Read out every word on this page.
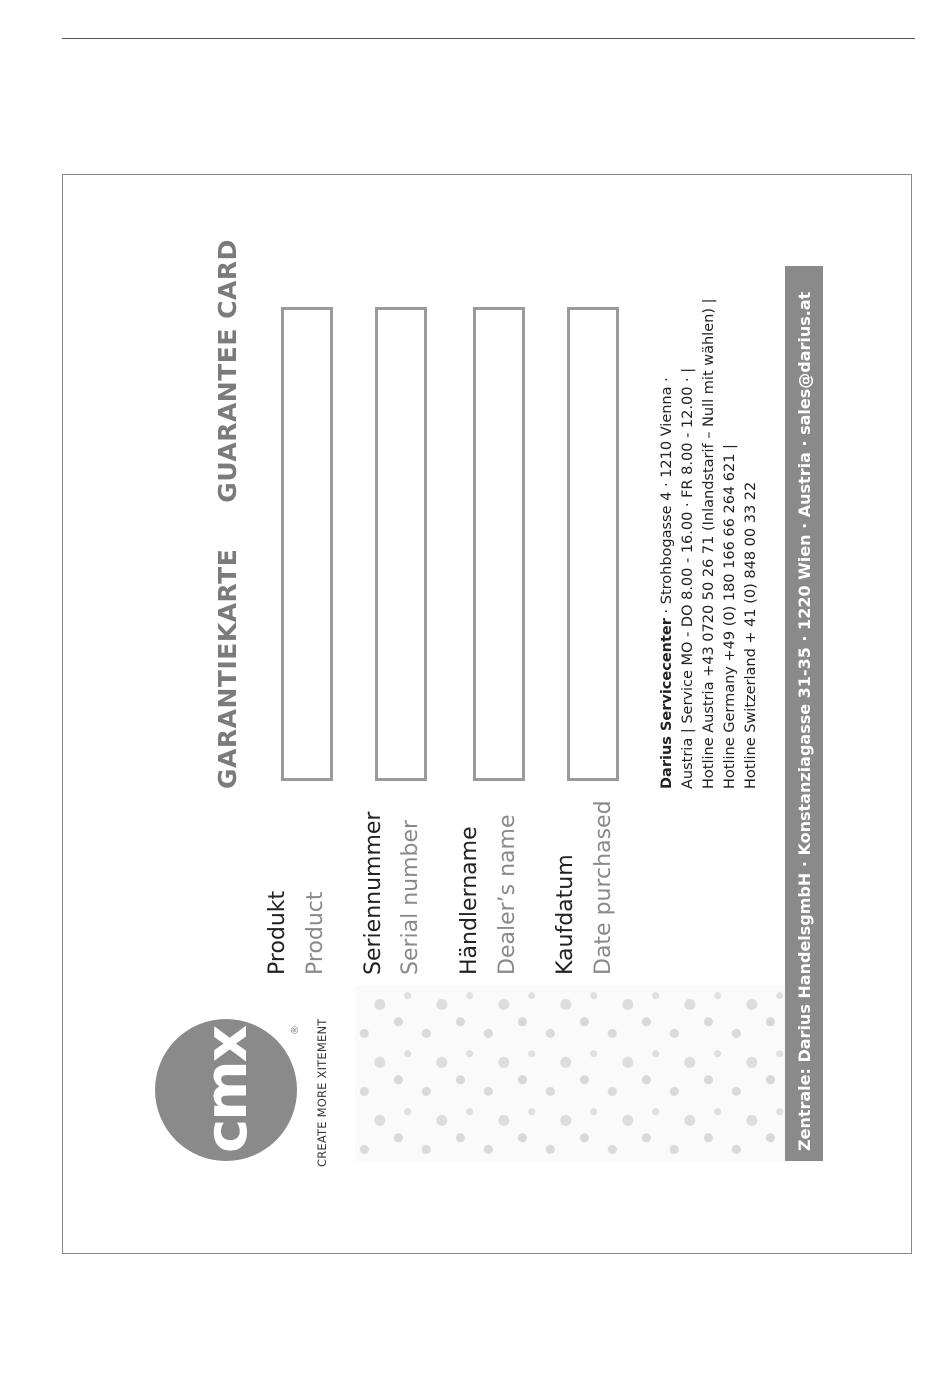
cmx	® CREATE MORE XITEMENT
GARANTIEKARTEGUARANTEE CARD
Produkt Product Seriennummer Serial number Händlername Dealer’s name Kaufdatum Date purchased
Darius Servicecenter · Strohbogasse 4 · 1210 Vienna · Austria | Service MO - DO 8.00 - 16.00 · FR 8.00 - 12.00 · | Hotline Austria +43 0720 50 26 71 (Inlandstarif – Null mit wählen) | Hotline Germany +49 (0) 180 166 66 264 621 | Hotline Switzerland + 41 (0) 848 00 33 22 Zentrale: Darius HandelsgmbH · Konstanziagasse 31-35 · 1220 Wien · Austria · sales@darius.at
